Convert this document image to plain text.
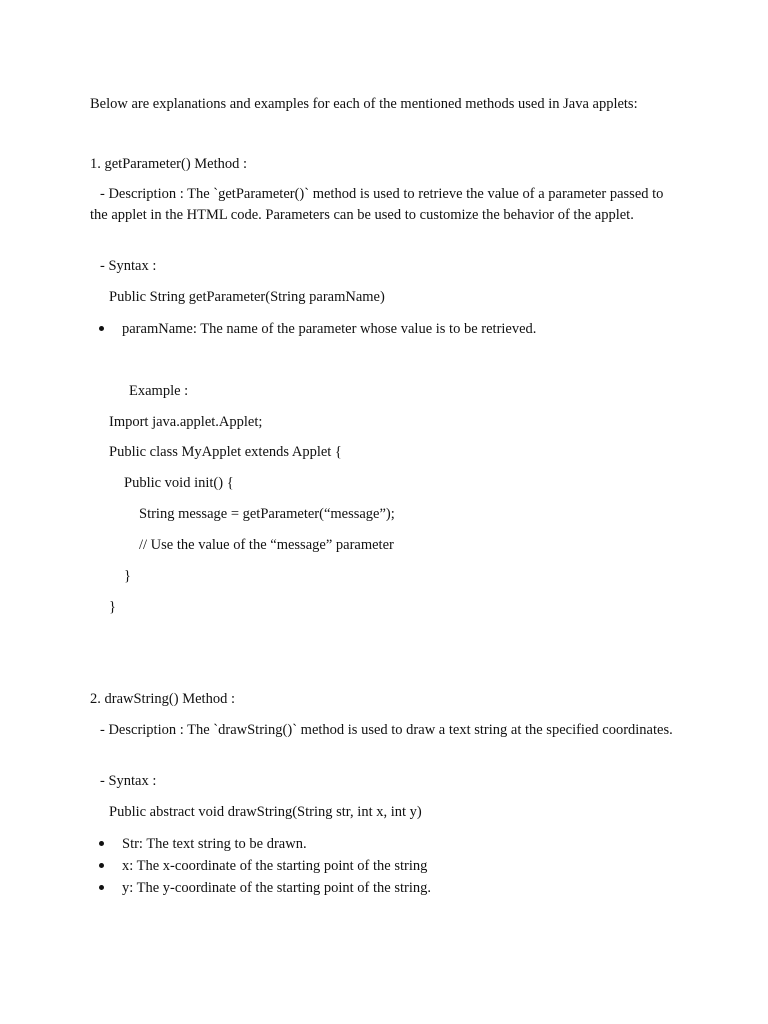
Below are explanations and examples for each of the mentioned methods used in Java applets:
1. getParameter() Method :
- Description : The `getParameter()` method is used to retrieve the value of a parameter passed to the applet in the HTML code. Parameters can be used to customize the behavior of the applet.
- Syntax :
Public String getParameter(String paramName)
paramName: The name of the parameter whose value is to be retrieved.
Example :
Import java.applet.Applet;
Public class MyApplet extends Applet {
Public void init() {
String message = getParameter(“message”);
// Use the value of the “message” parameter
}
}
2. drawString() Method :
- Description : The `drawString()` method is used to draw a text string at the specified coordinates.
- Syntax :
Public abstract void drawString(String str, int x, int y)
Str: The text string to be drawn.
x: The x-coordinate of the starting point of the string
y: The y-coordinate of the starting point of the string.
